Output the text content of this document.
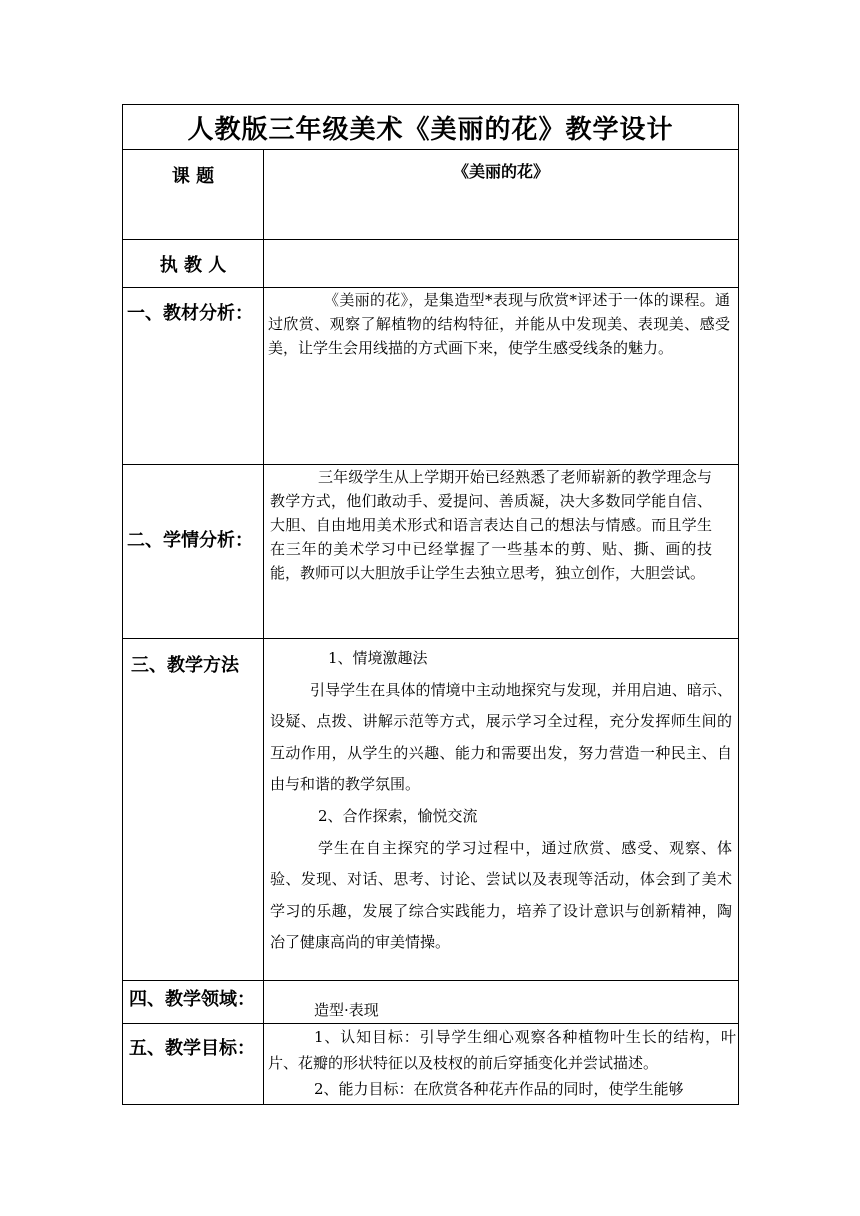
人教版三年级美术《美丽的花》教学设计	

课 题	《美丽的花》

执 教 人	

一、教材分析：	《美丽的花》，是集造型*表现与欣赏*评述于一体的课程。通过欣赏、观察了解植物的结构特征，并能从中发现美、表现美、感受美，让学生会用线描的方式画下来，使学生感受线条的魅力。

二、学情分析：	三年级学生从上学期开始已经熟悉了老师崭新的教学理念与教学方式，他们敢动手、爱提问、善质凝，决大多数同学能自信、大胆、自由地用美术形式和语言表达自己的想法与情感。而且学生在三年的美术学习中已经掌握了一些基本的剪、贴、撕、画的技能，教师可以大胆放手让学生去独立思考，独立创作，大胆尝试。

三、教学方法	1、情境激趣法

引导学生在具体的情境中主动地探究与发现，并用启迪、暗示、设疑、点拨、讲解示范等方式，展示学习全过程，充分发挥师生间的互动作用，从学生的兴趣、能力和需要出发，努力营造一种民主、自由与和谐的教学氛围。

2、合作探索，愉悦交流

学生在自主探究的学习过程中，通过欣赏、感受、观察、体验、发现、对话、思考、讨论、尝试以及表现等活动，体会到了美术学习的乐趣，发展了综合实践能力，培养了设计意识与创新精神，陶冶了健康高尚的审美情操。

四、教学领域：	造型·表现

五、教学目标：	1、认知目标：引导学生细心观察各种植物叶生长的结构，叶片、花瓣的形状特征以及枝杈的前后穿插变化并尝试描述。

2、能力目标：在欣赏各种花卉作品的同时，使学生能够
